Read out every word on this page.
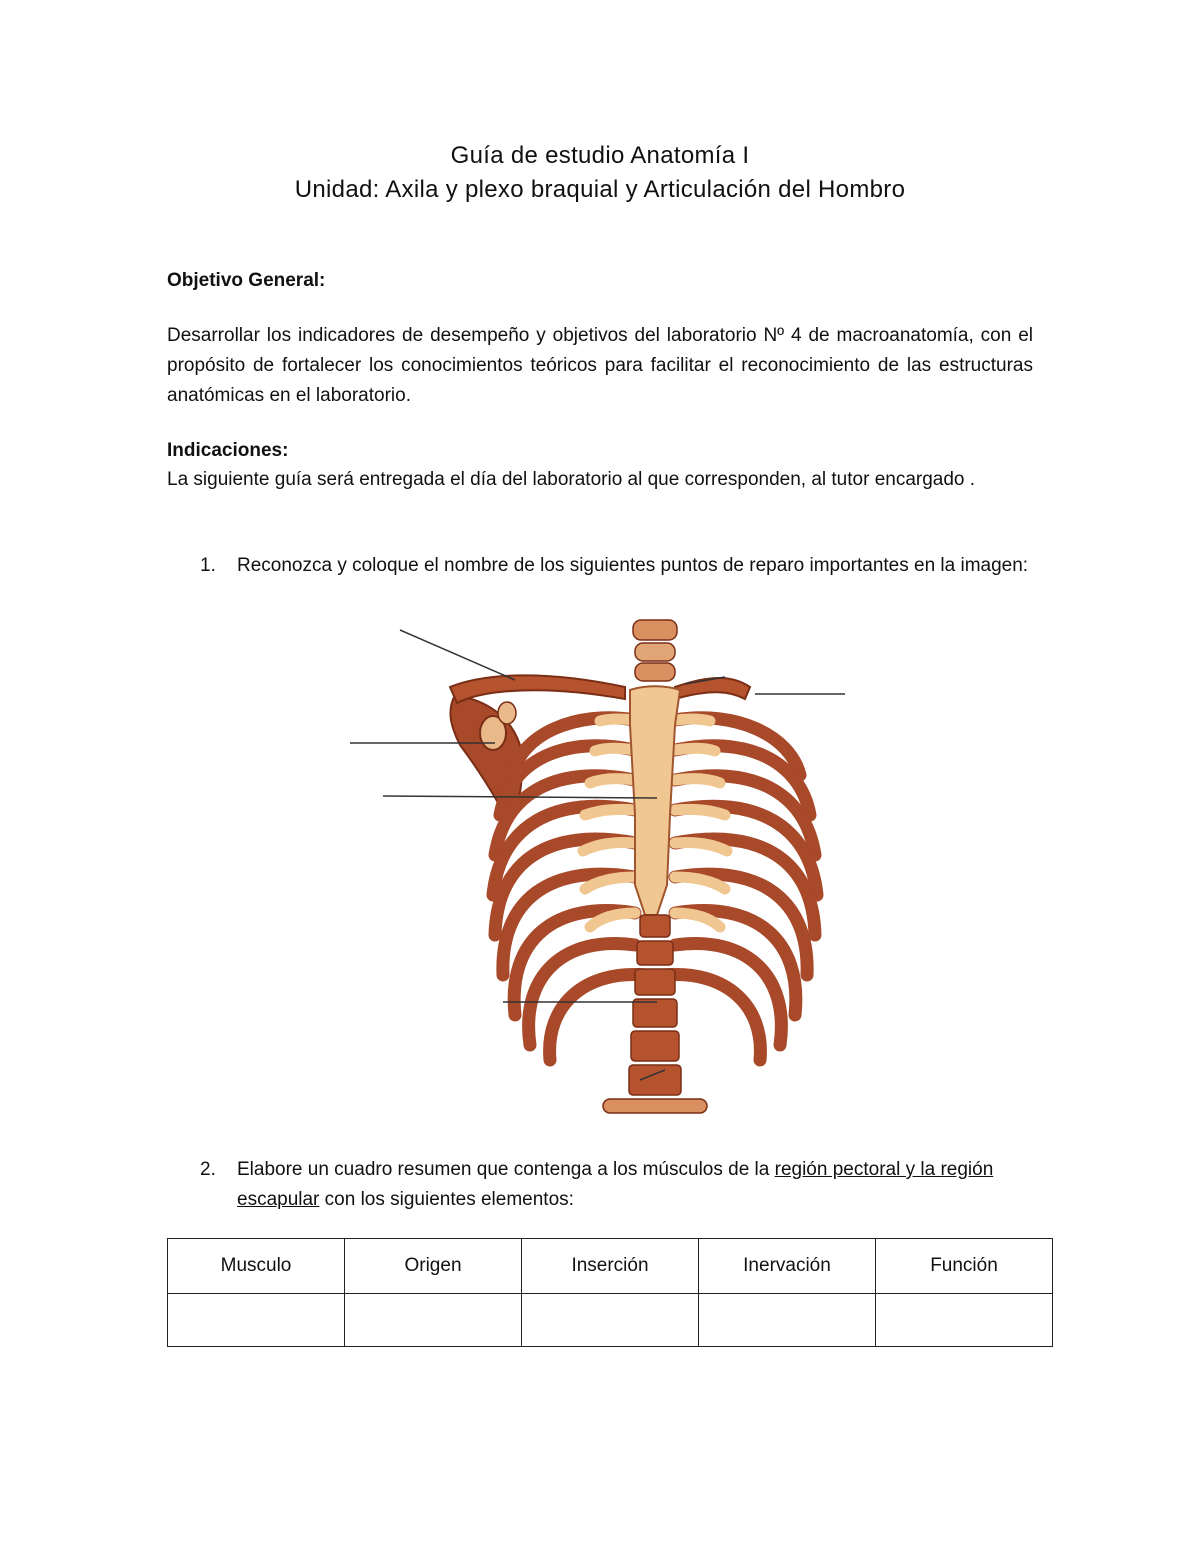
Guía de estudio Anatomía I
Unidad: Axila y plexo braquial y Articulación del Hombro
Objetivo General:
Desarrollar los indicadores de desempeño y objetivos del laboratorio Nº 4 de macroanatomía, con el propósito de fortalecer los conocimientos teóricos para facilitar el reconocimiento de las estructuras anatómicas en el laboratorio.
Indicaciones:
La siguiente guía será entregada el día del laboratorio al que corresponden, al tutor encargado .
1. Reconozca y coloque el nombre de los siguientes puntos de reparo importantes en la imagen:
2. Elabore un cuadro resumen que contenga a los músculos de la región pectoral y la región escapular con los siguientes elementos:
Musculo	Origen	Inserción	Inervación	Función
